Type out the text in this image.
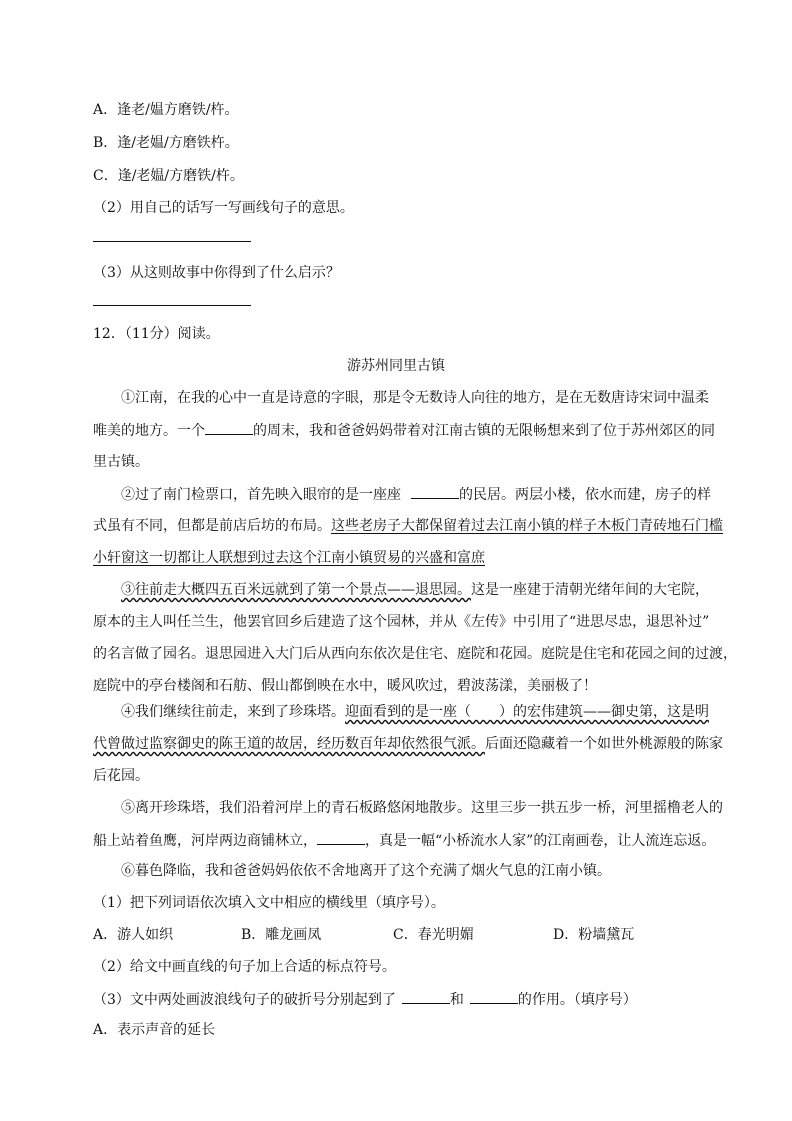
A．逢老/媪方磨铁/杵。
B．逢/老媪/方磨铁杵。
C．逢/老媪/方磨铁/杵。
（2）用自己的话写一写画线句子的意思。
（3）从这则故事中你得到了什么启示？
12．（11分）阅读。
游苏州同里古镇
①江南，在我的心中一直是诗意的字眼，那是令无数诗人向往的地方，是在无数唐诗宋词中温柔
唯美的地方。一个	的周末，我和爸爸妈妈带着对江南古镇的无限畅想来到了位于苏州郊区的同
里古镇。
②过了南门检票口，首先映入眼帘的是一座座	的民居。两层小楼，依水而建，房子的样
式虽有不同，但都是前店后坊的布局。这些老房子大都保留着过去江南小镇的样子木板门青砖地石门槛
小轩窗这一切都让人联想到过去这个江南小镇贸易的兴盛和富庶
③往前走大概四五百米远就到了第一个景点——退思园。这是一座建于清朝光绪年间的大宅院，
原本的主人叫任兰生，他罢官回乡后建造了这个园林，并从《左传》中引用了“进思尽忠，退思补过”
的名言做了园名。退思园进入大门后从西向东依次是住宅、庭院和花园。庭院是住宅和花园之间的过渡，
庭院中的亭台楼阁和石舫、假山都倒映在水中，暖风吹过，碧波荡漾，美丽极了！
④我们继续往前走，来到了珍珠塔。迎面看到的是一座（　　）的宏伟建筑——御史第，这是明
代曾做过监察御史的陈王道的故居，经历数百年却依然很气派。后面还隐藏着一个如世外桃源般的陈家
后花园。
⑤离开珍珠塔，我们沿着河岸上的青石板路悠闲地散步。这里三步一拱五步一桥，河里摇橹老人的
船上站着鱼鹰，河岸两边商铺林立，	，真是一幅“小桥流水人家”的江南画卷，让人流连忘返。
⑥暮色降临，我和爸爸妈妈依依不舍地离开了这个充满了烟火气息的江南小镇。
（1）把下列词语依次填入文中相应的横线里（填序号）。
A．游人如织	B．雕龙画凤	C．春光明媚	D．粉墙黛瓦
（2）给文中画直线的句子加上合适的标点符号。
（3）文中两处画波浪线句子的破折号分别起到了	和	的作用。（填序号）
A．表示声音的延长
